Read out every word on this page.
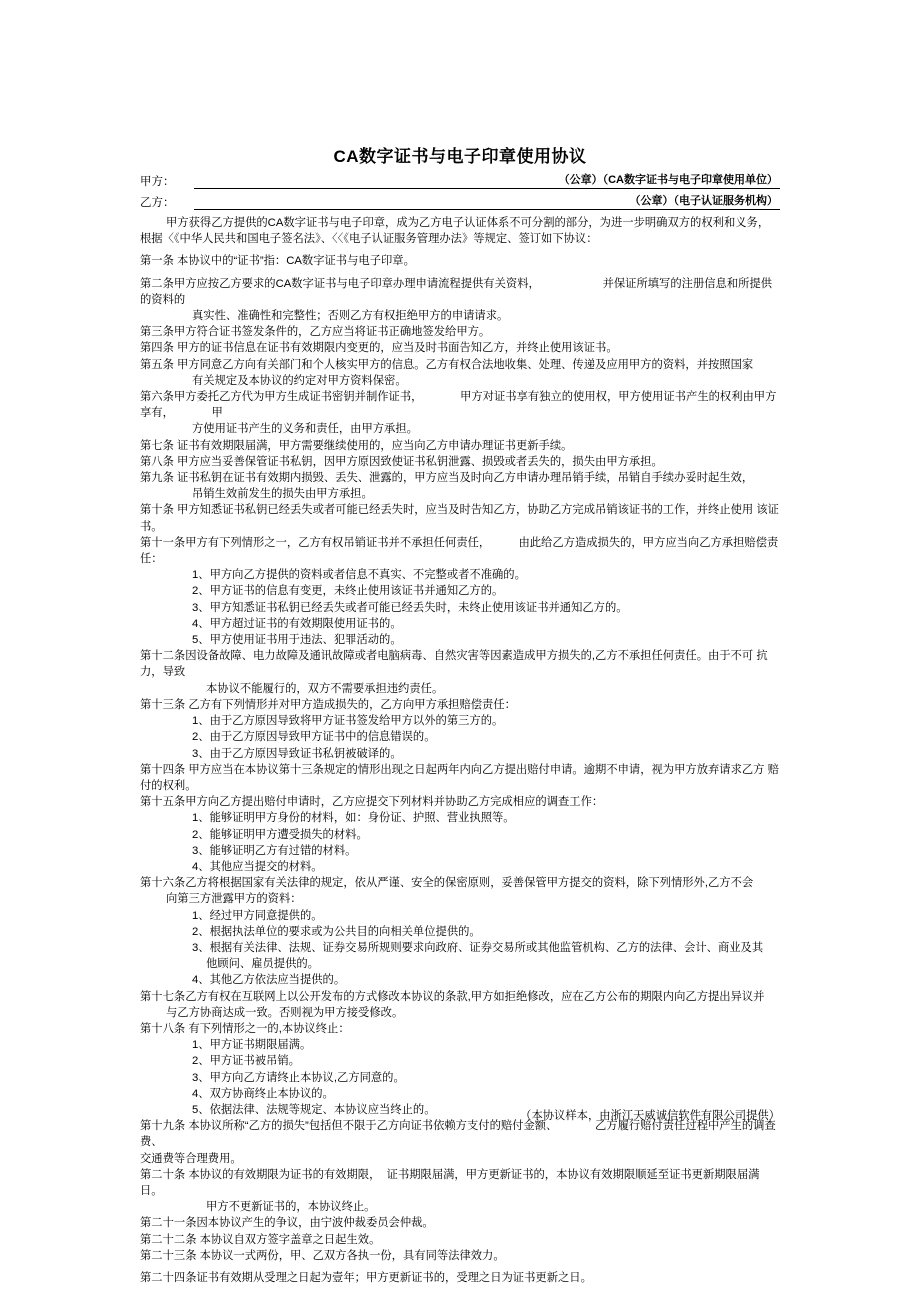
CA数字证书与电子印章使用协议
甲方：	（公章）（CA数字证书与电子印章使用单位）
乙方：	（公章）（电子认证服务机构）
甲方获得乙方提供的CA数字证书与电子印章，成为乙方电子认证体系不可分割的部分，为进一步明确双方的权利和义务，
根据〈《中华人民共和国电子签名法》、〈〈《电子认证服务管理办法》等规定、签订如下协议：
第一条 本协议中的“证书”指：CA数字证书与电子印章。
第二条甲方应按乙方要求的CA数字证书与电子印章办理申请流程提供有关资料，                    并保证所填写的注册信息和所提供的资料的
真实性、准确性和完整性；否则乙方有权拒绝甲方的申请请求。
第三条甲方符合证书签发条件的，乙方应当将证书正确地签发给甲方。
第四条 甲方的证书信息在证书有效期限内变更的，应当及时书面告知乙方，并终止使用该证书。
第五条 甲方同意乙方向有关部门和个人核实甲方的信息。乙方有权合法地收集、处理、传递及应用甲方的资料，并按照国家
有关规定及本协议的约定对甲方资料保密。
第六条甲方委托乙方代为甲方生成证书密钥并制作证书，            甲方对证书享有独立的使用权，甲方使用证书产生的权利由甲方享有，            甲
方使用证书产生的义务和责任，由甲方承担。
第七条 证书有效期限届满，甲方需要继续使用的，应当向乙方申请办理证书更新手续。
第八条 甲方应当妥善保管证书私钥，因甲方原因致使证书私钥泄露、损毁或者丢失的，损失由甲方承担。
第九条 证书私钥在证书有效期内损毁、丢失、泄露的，甲方应当及时向乙方申请办理吊销手续，吊销自手续办妥时起生效，
吊销生效前发生的损失由甲方承担。
第十条 甲方知悉证书私钥已经丢失或者可能已经丢失时，应当及时告知乙方，协助乙方完成吊销该证书的工作，并终止使用 该证书。
第十一条甲方有下列情形之一，乙方有权吊销证书并不承担任何责任，         由此给乙方造成损失的，甲方应当向乙方承担赔偿责任：
1、甲方向乙方提供的资料或者信息不真实、不完整或者不准确的。
2、甲方证书的信息有变更，未终止使用该证书并通知乙方的。
3、甲方知悉证书私钥已经丢失或者可能已经丢失时，未终止使用该证书并通知乙方的。
4、甲方超过证书的有效期限使用证书的。
5、甲方使用证书用于违法、犯罪活动的。
第十二条因设备故障、电力故障及通讯故障或者电脑病毒、自然灾害等因素造成甲方损失的,乙方不承担任何责任。由于不可 抗力，导致
本协议不能履行的，双方不需要承担违约责任。
第十三条 乙方有下列情形并对甲方造成损失的，乙方向甲方承担赔偿责任：
1、由于乙方原因导致将甲方证书签发给甲方以外的第三方的。
2、由于乙方原因导致甲方证书中的信息错误的。
3、由于乙方原因导致证书私钥被破译的。
第十四条 甲方应当在本协议第十三条规定的情形出现之日起两年内向乙方提出赔付申请。逾期不申请，视为甲方放弃请求乙方 赔付的权利。
第十五条甲方向乙方提出赔付申请时，乙方应提交下列材料并协助乙方完成相应的调查工作：
1、能够证明甲方身份的材料，如：身份证、护照、营业执照等。
2、能够证明甲方遭受损失的材料。
3、能够证明乙方有过错的材料。
4、其他应当提交的材料。
第十六条乙方将根据国家有关法律的规定，依从严谨、安全的保密原则，妥善保管甲方提交的资料，除下列情形外,乙方不会
向第三方泄露甲方的资料：
1、经过甲方同意提供的。
2、根据执法单位的要求或为公共目的向相关单位提供的。
3、根据有关法律、法规、证券交易所规则要求向政府、证券交易所或其他监管机构、乙方的法律、会计、商业及其
他顾问、雇员提供的。
4、其他乙方依法应当提供的。
第十七条乙方有权在互联网上以公开发布的方式修改本协议的条款,甲方如拒绝修改，应在乙方公布的期限内向乙方提出异议并
与乙方协商达成一致。否则视为甲方接受修改。
第十八条 有下列情形之一的,本协议终止：
1、甲方证书期限届满。
2、甲方证书被吊销。
3、甲方向乙方请终止本协议,乙方同意的。
4、双方协商终止本协议的。
5、依据法律、法规等规定、本协议应当终止的。
第十九条 本协议所称“乙方的损失”包括但不限于乙方向证书依赖方支付的赔付金额、            乙方履行赔付责任过程中产生的调查费、
交通费等合理费用。
第二十条 本协议的有效期限为证书的有效期限，  证书期限届满，甲方更新证书的，本协议有效期限顺延至证书更新期限届满日。
甲方不更新证书的，本协议终止。
第二十一条因本协议产生的争议，由宁波仲裁委员会仲裁。
第二十二条 本协议自双方签字盖章之日起生效。
第二十三条 本协议一式两份，甲、乙双方各执一份，具有同等法律效力。
第二十四条证书有效期从受理之日起为壹年；甲方更新证书的，受理之日为证书更新之日。
（本协议样本，由浙江天威诚信软件有限公司提供）
